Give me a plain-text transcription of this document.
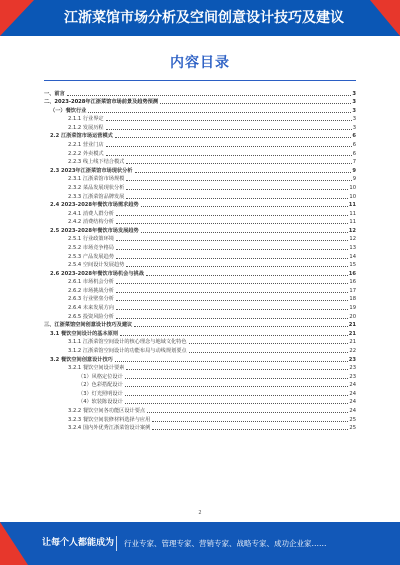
江浙菜馆市场分析及空间创意设计技巧及建议
内容目录
一、前言	3
二、2023-2028年江浙菜馆市场前景及趋势预测	3
（一）餐饮行业	3
2.1.1 行业界定	3
2.1.2 发展历程	3
2.2 江浙菜馆市场运营模式	6
2.2.1 营业门店	6
2.2.2 外卖模式	6
2.2.3 线上线下结合模式	7
2.3 2023年江浙菜馆市场现状分析	9
2.3.1 江浙菜馆市场规模	9
2.3.2 菜品发展现状分析	10
2.3.3 江浙菜馆品牌发展	10
2.4 2023-2028年餐饮市场需求趋势	11
2.4.1 消费人群分析	11
2.4.2 消费结构分析	11
2.5 2023-2028年餐饮市场发展趋势	12
2.5.1 行业政策环境	12
2.5.2 市场竞争格局	13
2.5.3 产品发展趋势	14
2.5.4 空间设计发展趋势	15
2.6 2023-2028年餐饮市场机会与挑战	16
2.6.1 市场机会分析	16
2.6.2 市场挑战分析	17
2.6.3 行业壁垒分析	18
2.6.4 未来发展方向	19
2.6.5 投资风险分析	20
三、江浙菜馆空间创意设计技巧及建议	21
3.1 餐饮空间设计的基本原则	21
3.1.1 江浙菜馆空间设计的核心理念与地域文化特色	21
3.1.2 江浙菜馆空间设计的功能布局与动线规划要点	22
3.2 餐饮空间创意设计技巧	23
3.2.1 餐饮空间设计要素	23
（1）风格定位设计	23
（2）色彩搭配设计	24
（3）灯光照明设计	24
（4）软装陈设设计	24
3.2.2 餐饮空间各功能区设计要点	24
3.2.3 餐饮空间装修材料选择与应用	25
3.2.4 国内外优秀江浙菜馆设计案例	25
2
让每个人都能成为 行业专家、管理专家、营销专家、战略专家、成功企业家……
